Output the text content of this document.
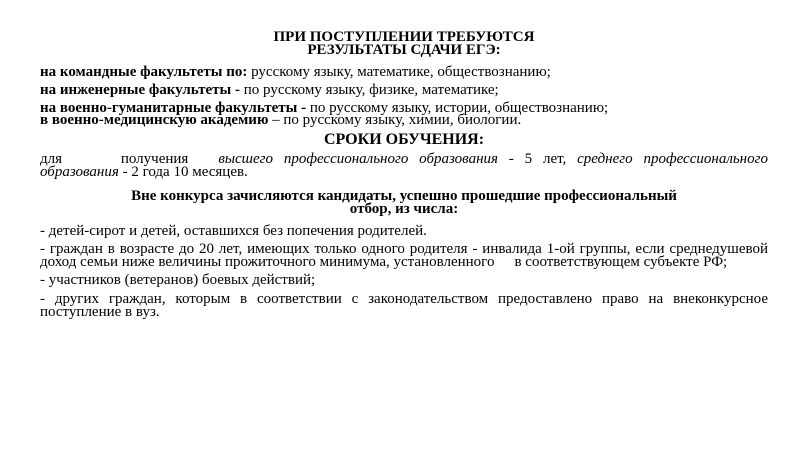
ПРИ ПОСТУПЛЕНИИ ТРЕБУЮТСЯ
РЕЗУЛЬТАТЫ СДАЧИ ЕГЭ:
на командные факультеты по: русскому языку, математике, обществознанию;
на инженерные факультеты - по русскому языку, физике, математике;
на военно-гуманитарные факультеты - по русскому языку, истории, обществознанию;
в военно-медицинскую академию – по русскому языку, химии, биологии.
СРОКИ ОБУЧЕНИЯ:
для получения высшего профессионального образования - 5 лет, среднего профессионального образования - 2 года 10 месяцев.
Вне конкурса зачисляются кандидаты, успешно прошедшие профессиональный
отбор, из числа:
- детей-сирот и детей, оставшихся без попечения родителей.
- граждан в возрасте до 20 лет, имеющих только одного родителя - инвалида 1-ой группы, если среднедушевой доход семьи ниже величины прожиточного минимума, установленного в соответствующем субъекте РФ;
- участников (ветеранов) боевых действий;
- других граждан, которым в соответствии с законодательством предоставлено право на внеконкурсное поступление в вуз.
